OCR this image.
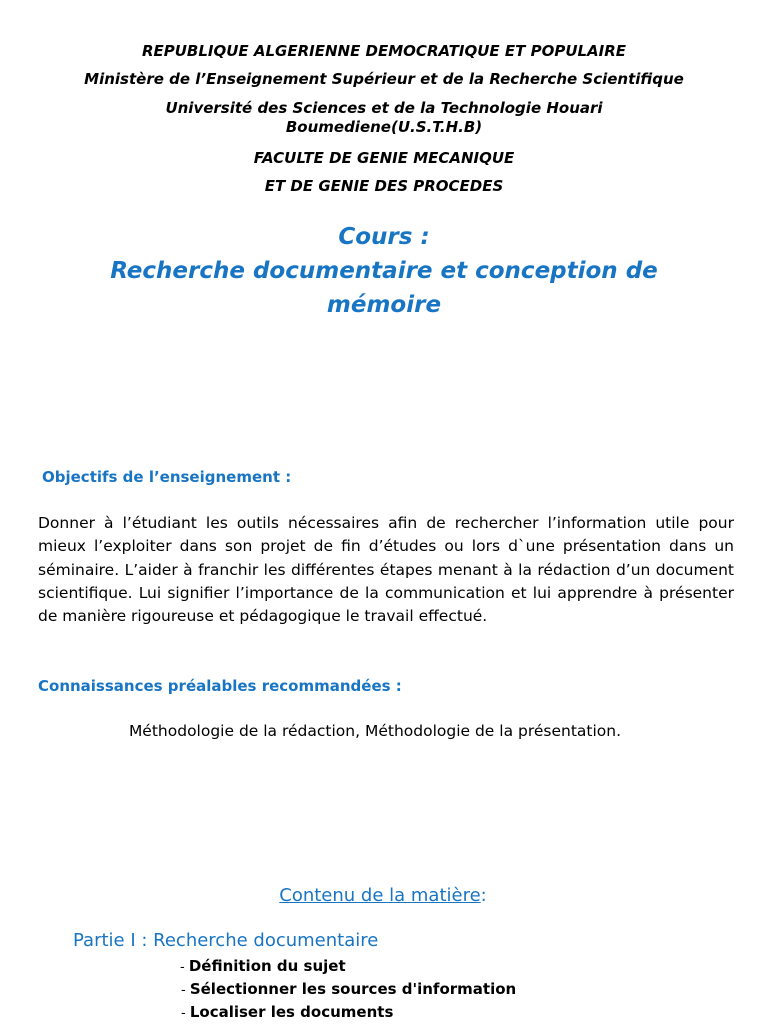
REPUBLIQUE ALGERIENNE DEMOCRATIQUE ET POPULAIRE

Ministère de l’Enseignement Supérieur et de la Recherche Scientifique

Université des Sciences et de la Technologie Houari Boumediene(U.S.T.H.B)

FACULTE DE GENIE MECANIQUE

ET DE GENIE DES PROCEDES

Cours :

Recherche documentaire et conception de mémoire

Objectifs de l’enseignement :

Donner à l’étudiant les outils nécessaires afin de rechercher l’information utile pour mieux l’exploiter dans son projet de fin d’études ou lors d`une présentation dans un séminaire. L’aider à franchir les différentes étapes menant à la rédaction d’un document scientifique. Lui signifier l’importance de la communication et lui apprendre à présenter de manière rigoureuse et pédagogique le travail effectué.

Connaissances préalables recommandées :

Méthodologie de la rédaction, Méthodologie de la présentation.

Contenu de la matière:

Partie I : Recherche documentaire

- Définition du sujet

- Sélectionner les sources d'information

- Localiser les documents
